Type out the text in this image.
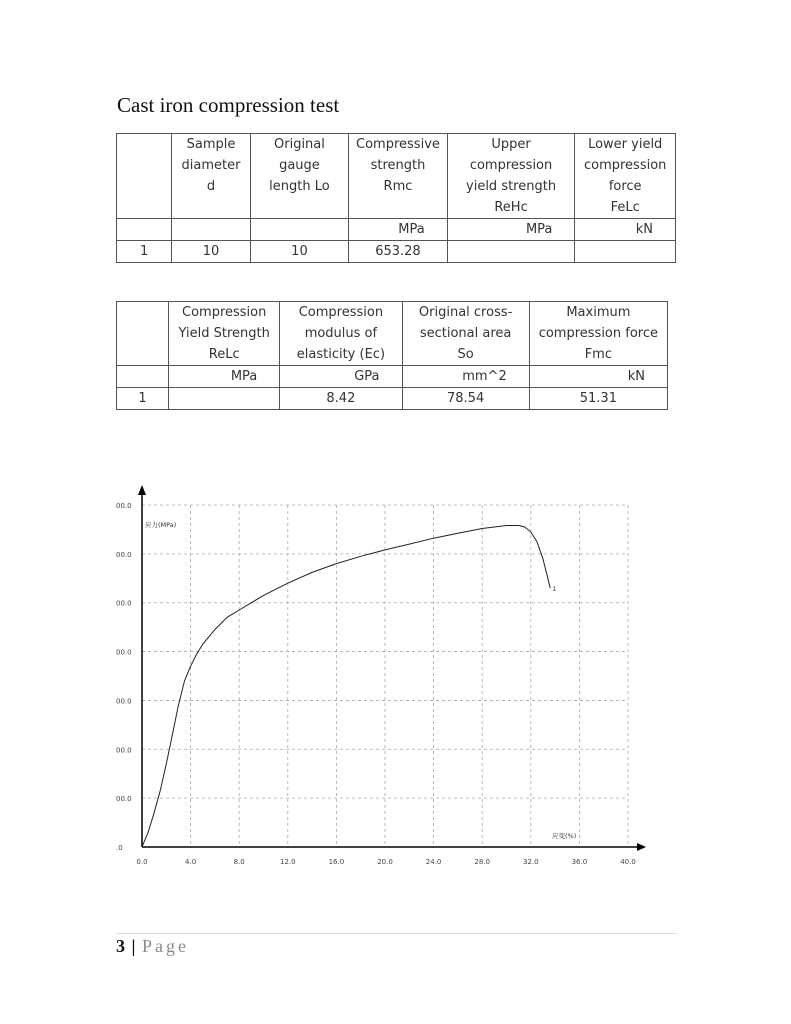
Cast iron compression test

	Sample
diameter
d	Original
gauge
length Lo	Compressive
strength
Rmc	Upper
compression
yield strength
ReHc	Lower yield
compression
force
FeLc

			MPa	MPa	kN
1	10	10	653.28		

	Compression
Yield Strength
ReLc	Compression
modulus of
elasticity (Ec)	Original cross-
sectional area
So	Maximum
compression force
Fmc

	MPa	GPa	mm^2	kN
1		8.42	78.54	51.31
0.0	4.0	8.0	12.0	16.0	20.0	24.0	28.0	32.0	36.0	40.0
.0
00.0
00.0
00.0
00.0
00.0
00.0
00.0
应力(MPa)
应变(%)
1
3 | Page
